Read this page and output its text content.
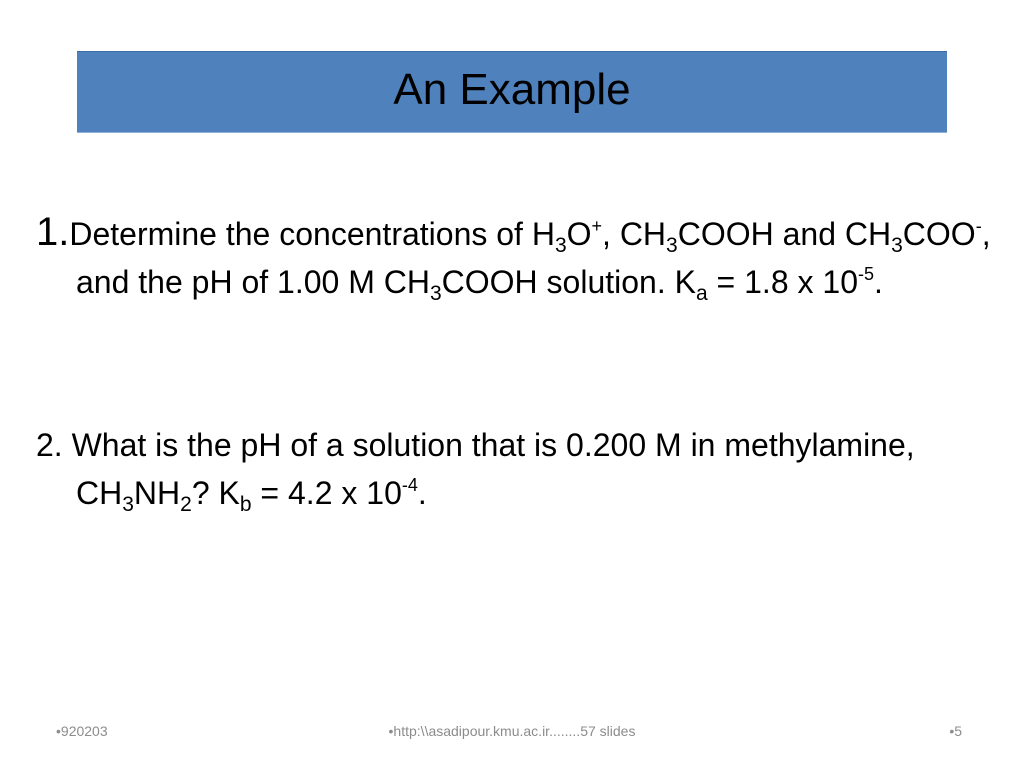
An Example
1.Determine the concentrations of $H_3O^+$, $CH_3COOH$ and $CH_3COO^-$, and the pH of 1.00 M $CH_3COOH$ solution. $K_a = 1.8$ x $10^{-5}$.
2. What is the pH of a solution that is 0.200 M in methylamine, $CH_3NH_2$? $K_b = 4.2$ x $10^{-4}$.
•920203	•http:\\asadipour.kmu.ac.ir........57 slides	•5
